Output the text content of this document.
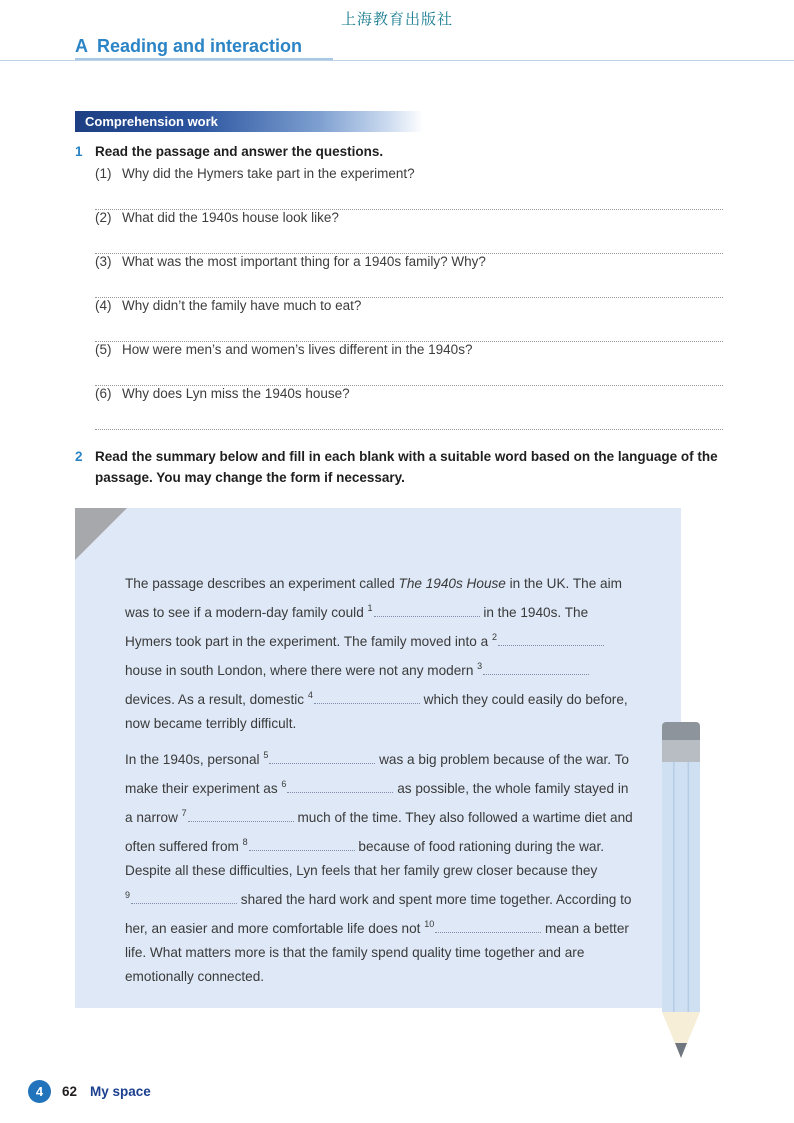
上海教育出版社
A Reading and interaction
Comprehension work
1 Read the passage and answer the questions.
(1) Why did the Hymers take part in the experiment?
(2) What did the 1940s house look like?
(3) What was the most important thing for a 1940s family? Why?
(4) Why didn’t the family have much to eat?
(5) How were men’s and women’s lives different in the 1940s?
(6) Why does Lyn miss the 1940s house?
2 Read the summary below and fill in each blank with a suitable word based on the language of the passage. You may change the form if necessary.

The passage describes an experiment called The 1940s House in the UK. The aim was to see if a modern-day family could $^1$	in the 1940s. The Hymers took part in the experiment. The family moved into a $^2$ house in south London, where there were not any modern $^3$ devices. As a result, domestic $^4$	which they could easily do before, now became terribly difficult.

In the 1940s, personal $^5$	was a big problem because of the war. To make their experiment as $^6$	as possible, the whole family stayed in a narrow $^7$	much of the time. They also followed a wartime diet and often suffered from $^8$	because of food rationing during the war. Despite all these difficulties, Lyn feels that her family grew closer because they $^9$	shared the hard work and spent more time together. According to her, an easier and more comfortable life does not $^{10}$	mean a better life. What matters more is that the family spend quality time together and are emotionally connected.

4	62 My space
